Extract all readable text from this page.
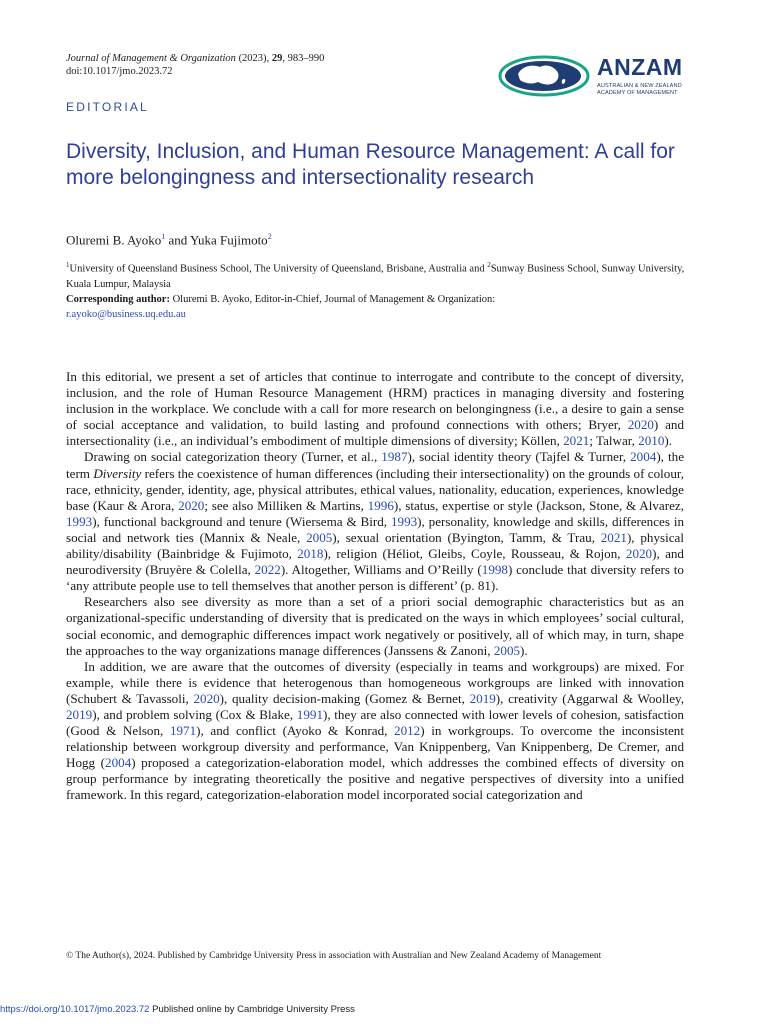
Journal of Management & Organization (2023), 29, 983–990
doi:10.1017/jmo.2023.72	ANZAM
AUSTRALIAN & NEW ZEALAND
ACADEMY OF MANAGEMENT
EDITORIAL
Diversity, Inclusion, and Human Resource Management: A call for more belongingness and intersectionality research
Oluremi B. Ayoko$^1$ and Yuka Fujimoto$^2$
$^1$University of Queensland Business School, The University of Queensland, Brisbane, Australia and $^2$Sunway Business School, Sunway University, Kuala Lumpur, Malaysia
Corresponding author: Oluremi B. Ayoko, Editor-in-Chief, Journal of Management & Organization:
r.ayoko@business.uq.edu.au

In this editorial, we present a set of articles that continue to interrogate and contribute to the concept of diversity, inclusion, and the role of Human Resource Management (HRM) practices in managing diversity and fostering inclusion in the workplace. We conclude with a call for more research on belongingness (i.e., a desire to gain a sense of social acceptance and validation, to build lasting and profound connections with others; Bryer, 2020) and intersectionality (i.e., an individual’s embodiment of multiple dimensions of diversity; Köllen, 2021; Talwar, 2010).

Drawing on social categorization theory (Turner, et al., 1987), social identity theory (Tajfel & Turner, 2004), the term Diversity refers the coexistence of human differences (including their intersectionality) on the grounds of colour, race, ethnicity, gender, identity, age, physical attributes, ethical values, nationality, education, experiences, knowledge base (Kaur & Arora, 2020; see also Milliken & Martins, 1996), status, expertise or style (Jackson, Stone, & Alvarez, 1993), functional background and tenure (Wiersema & Bird, 1993), personality, knowledge and skills, differences in social and network ties (Mannix & Neale, 2005), sexual orientation (Byington, Tamm, & Trau, 2021), physical ability/disability (Bainbridge & Fujimoto, 2018), religion (Héliot, Gleibs, Coyle, Rousseau, & Rojon, 2020), and neurodiversity (Bruyère & Colella, 2022). Altogether, Williams and O’Reilly (1998) conclude that diversity refers to ‘any attribute people use to tell themselves that another person is different’ (p. 81).

Researchers also see diversity as more than a set of a priori social demographic characteristics but as an organizational-specific understanding of diversity that is predicated on the ways in which employees’ social cultural, social economic, and demographic differences impact work negatively or positively, all of which may, in turn, shape the approaches to the way organizations manage differences (Janssens & Zanoni, 2005).

In addition, we are aware that the outcomes of diversity (especially in teams and workgroups) are mixed. For example, while there is evidence that heterogenous than homogeneous workgroups are linked with innovation (Schubert & Tavassoli, 2020), quality decision-making (Gomez & Bernet, 2019), creativity (Aggarwal & Woolley, 2019), and problem solving (Cox & Blake, 1991), they are also connected with lower levels of cohesion, satisfaction (Good & Nelson, 1971), and conflict (Ayoko & Konrad, 2012) in workgroups. To overcome the inconsistent relationship between workgroup diversity and performance, Van Knippenberg, Van Knippenberg, De Cremer, and Hogg (2004) proposed a categorization-elaboration model, which addresses the combined effects of diversity on group performance by integrating theoretically the positive and negative perspectives of diversity into a unified framework. In this regard, categorization-elaboration model incorporated social categorization and

© The Author(s), 2024. Published by Cambridge University Press in association with Australian and New Zealand Academy of Management
https://doi.org/10.1017/jmo.2023.72 Published online by Cambridge University Press
